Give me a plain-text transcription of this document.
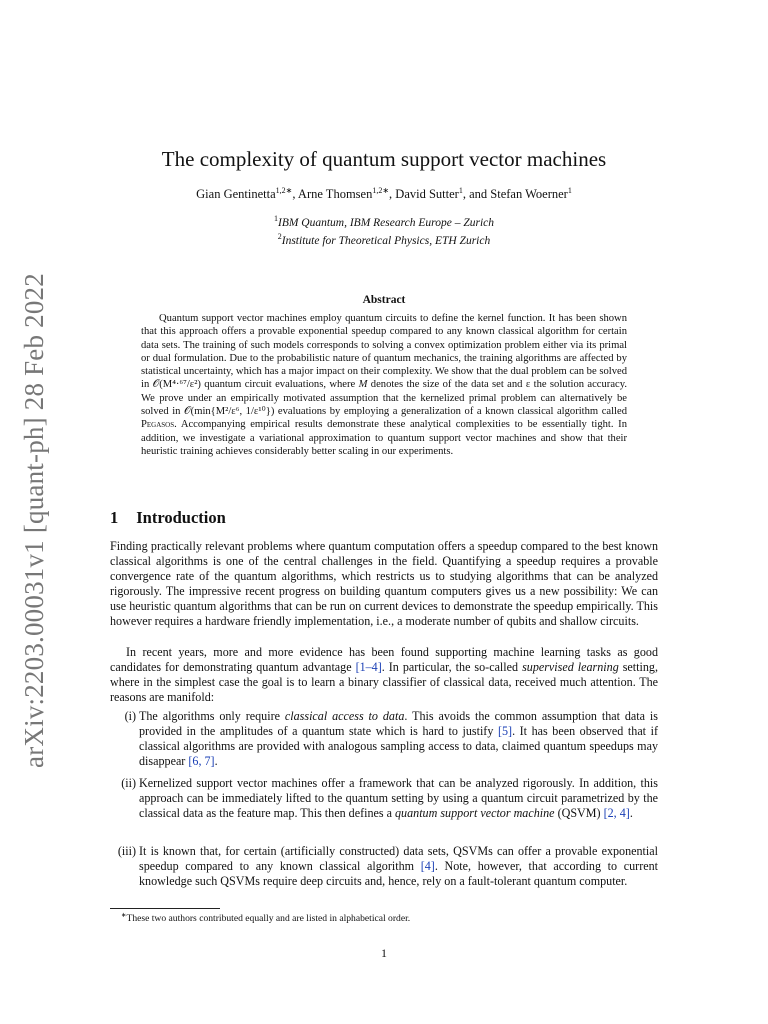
arXiv:2203.00031v1 [quant-ph] 28 Feb 2022
The complexity of quantum support vector machines
Gian Gentinetta$^{1,2∗}$, Arne Thomsen$^{1,2∗}$, David Sutter$^1$, and Stefan Woerner$^1$
$^1$IBM Quantum, IBM Research Europe – Zurich
$^2$Institute for Theoretical Physics, ETH Zurich
Abstract

Quantum support vector machines employ quantum circuits to define the kernel function. It has been shown that this approach offers a provable exponential speedup compared to any known classical algorithm for certain data sets. The training of such models corresponds to solving a convex optimization problem either via its primal or dual formulation. Due to the probabilistic nature of quantum mechanics, the training algorithms are affected by statistical uncertainty, which has a major impact on their complexity. We show that the dual problem can be solved in 𝒪(M⁴·⁶⁷/ε²) quantum circuit evaluations, where M denotes the size of the data set and ε the solution accuracy. We prove under an empirically motivated assumption that the kernelized primal problem can alternatively be solved in 𝒪(min{M²/ε⁶, 1/ε¹⁰}) evaluations by employing a generalization of a known classical algorithm called Pegasos. Accompanying empirical results demonstrate these analytical complexities to be essentially tight. In addition, we investigate a variational approximation to quantum support vector machines and show that their heuristic training achieves considerably better scaling in our experiments.

1 Introduction

Finding practically relevant problems where quantum computation offers a speedup compared to the best known classical algorithms is one of the central challenges in the field. Quantifying a speedup requires a provable convergence rate of the quantum algorithms, which restricts us to studying algorithms that can be analyzed rigorously. The impressive recent progress on building quantum computers gives us a new possibility: We can use heuristic quantum algorithms that can be run on current devices to demonstrate the speedup empirically. This however requires a hardware friendly implementation, i.e., a moderate number of qubits and shallow circuits.

In recent years, more and more evidence has been found supporting machine learning tasks as good candidates for demonstrating quantum advantage [1–4]. In particular, the so-called supervised learning setting, where in the simplest case the goal is to learn a binary classifier of classical data, received much attention. The reasons are manifold:

(i) The algorithms only require classical access to data. This avoids the common assumption that data is provided in the amplitudes of a quantum state which is hard to justify [5]. It has been observed that if classical algorithms are provided with analogous sampling access to data, claimed quantum speedups may disappear [6, 7].
(ii) Kernelized support vector machines offer a framework that can be analyzed rigorously. In addition, this approach can be immediately lifted to the quantum setting by using a quantum circuit parametrized by the classical data as the feature map. This then defines a quantum support vector machine (QSVM) [2, 4].
(iii) It is known that, for certain (artificially constructed) data sets, QSVMs can offer a provable exponential speedup compared to any known classical algorithm [4]. Note, however, that according to current knowledge such QSVMs require deep circuits and, hence, rely on a fault-tolerant quantum computer.
∗These two authors contributed equally and are listed in alphabetical order.
1
